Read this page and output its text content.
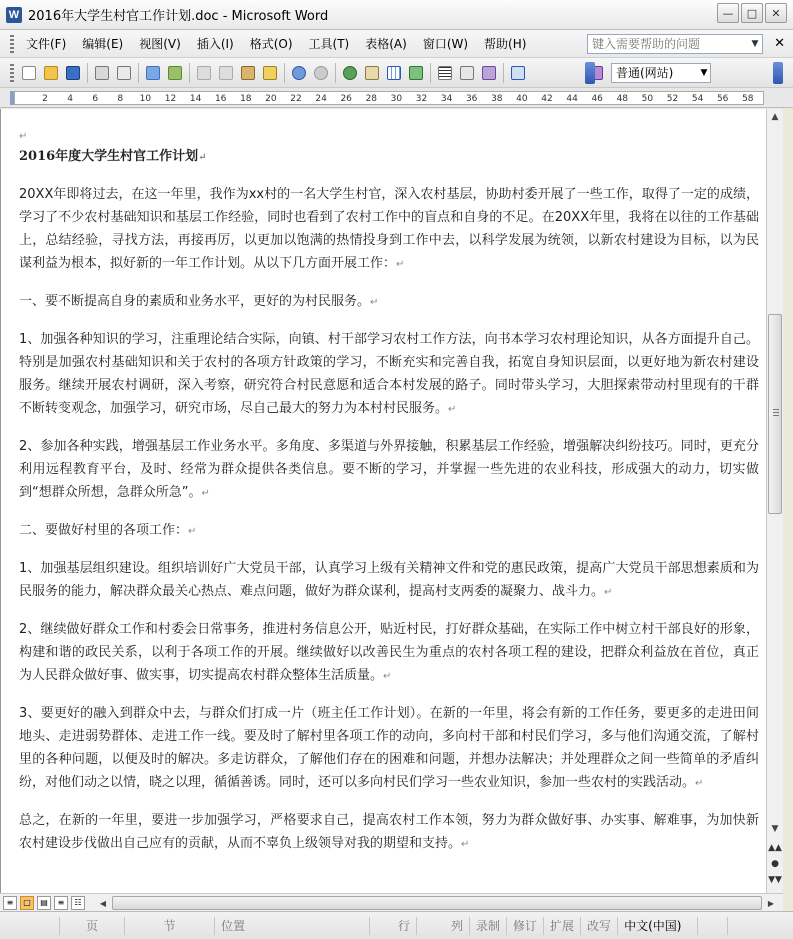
W 2016年大学生村官工作计划.doc - Microsoft Word	—	□	✕
文件(F)	编辑(E)	视图(V)	插入(I)	格式(O)	工具(T)	表格(A)	窗口(W)	帮助(H)
键入需要帮助的问题	▼ ✕
普通(网站)	▼
2 4 6 8 10 12 14 16 18 20 22 24 26 28 30 32 34 36 38 40 42 44 46 48 50 52 54 56 58
↵
2016年度大学生村官工作计划↵
20XX年即将过去，在这一年里，我作为xx村的一名大学生村官，深入农村基层，协助村委开展了一些工作，取得了一定的成绩，学习了不少农村基础知识和基层工作经验，同时也看到了农村工作中的盲点和自身的不足。在20XX年里，我将在以往的工作基础上，总结经验，寻找方法，再接再厉，以更加以饱满的热情投身到工作中去，以科学发展为统领，以新农村建设为目标，以为民谋利益为根本，拟好新的一年工作计划。从以下几方面开展工作：↵
一、要不断提高自身的素质和业务水平，更好的为村民服务。↵
1、加强各种知识的学习，注重理论结合实际，向镇、村干部学习农村工作方法，向书本学习农村理论知识，从各方面提升自己。特别是加强农村基础知识和关于农村的各项方针政策的学习，不断充实和完善自我，拓宽自身知识层面，以更好地为新农村建设服务。继续开展农村调研，深入考察，研究符合村民意愿和适合本村发展的路子。同时带头学习，大胆探索带动村里现有的干群不断转变观念，加强学习，研究市场，尽自己最大的努力为本村村民服务。↵
2、参加各种实践，增强基层工作业务水平。多角度、多渠道与外界接触，积累基层工作经验，增强解决纠纷技巧。同时，更充分利用远程教育平台，及时、经常为群众提供各类信息。要不断的学习，并掌握一些先进的农业科技，形成强大的动力，切实做到“想群众所想，急群众所急”。↵
二、要做好村里的各项工作：↵
1、加强基层组织建设。组织培训好广大党员干部，认真学习上级有关精神文件和党的惠民政策，提高广大党员干部思想素质和为民服务的能力，解决群众最关心热点、难点问题，做好为群众谋利，提高村支两委的凝聚力、战斗力。↵
2、继续做好群众工作和村委会日常事务，推进村务信息公开，贴近村民，打好群众基础，在实际工作中树立村干部良好的形象，构建和谐的政民关系，以利于各项工作的开展。继续做好以改善民生为重点的农村各项工程的建设，把群众利益放在首位，真正为人民群众做好事、做实事，切实提高农村群众整体生活质量。↵
3、要更好的融入到群众中去，与群众们打成一片（班主任工作计划）。在新的一年里，将会有新的工作任务，要更多的走进田间地头、走进弱势群体、走进工作一线。要及时了解村里各项工作的动向，多向村干部和村民们学习，多与他们沟通交流，了解村里的各种问题，以便及时的解决。多走访群众，了解他们存在的困难和问题，并想办法解决；并处理群众之间一些简单的矛盾纠纷，对他们动之以情，晓之以理，循循善诱。同时，还可以多向村民们学习一些农业知识，参加一些农村的实践活动。↵
总之，在新的一年里，要进一步加强学习，严格要求自己，提高农村工作本领，努力为群众做好事、办实事、解难事，为加快新农村建设步伐做出自己应有的贡献，从而不辜负上级领导对我的期望和支持。↵
▲
▼
▲▲
●
▼▼
≡	□	▤	≡	☷	◀	▶
页	节	位置	行	列	录制	修订	扩展	改写	中文(中国)
